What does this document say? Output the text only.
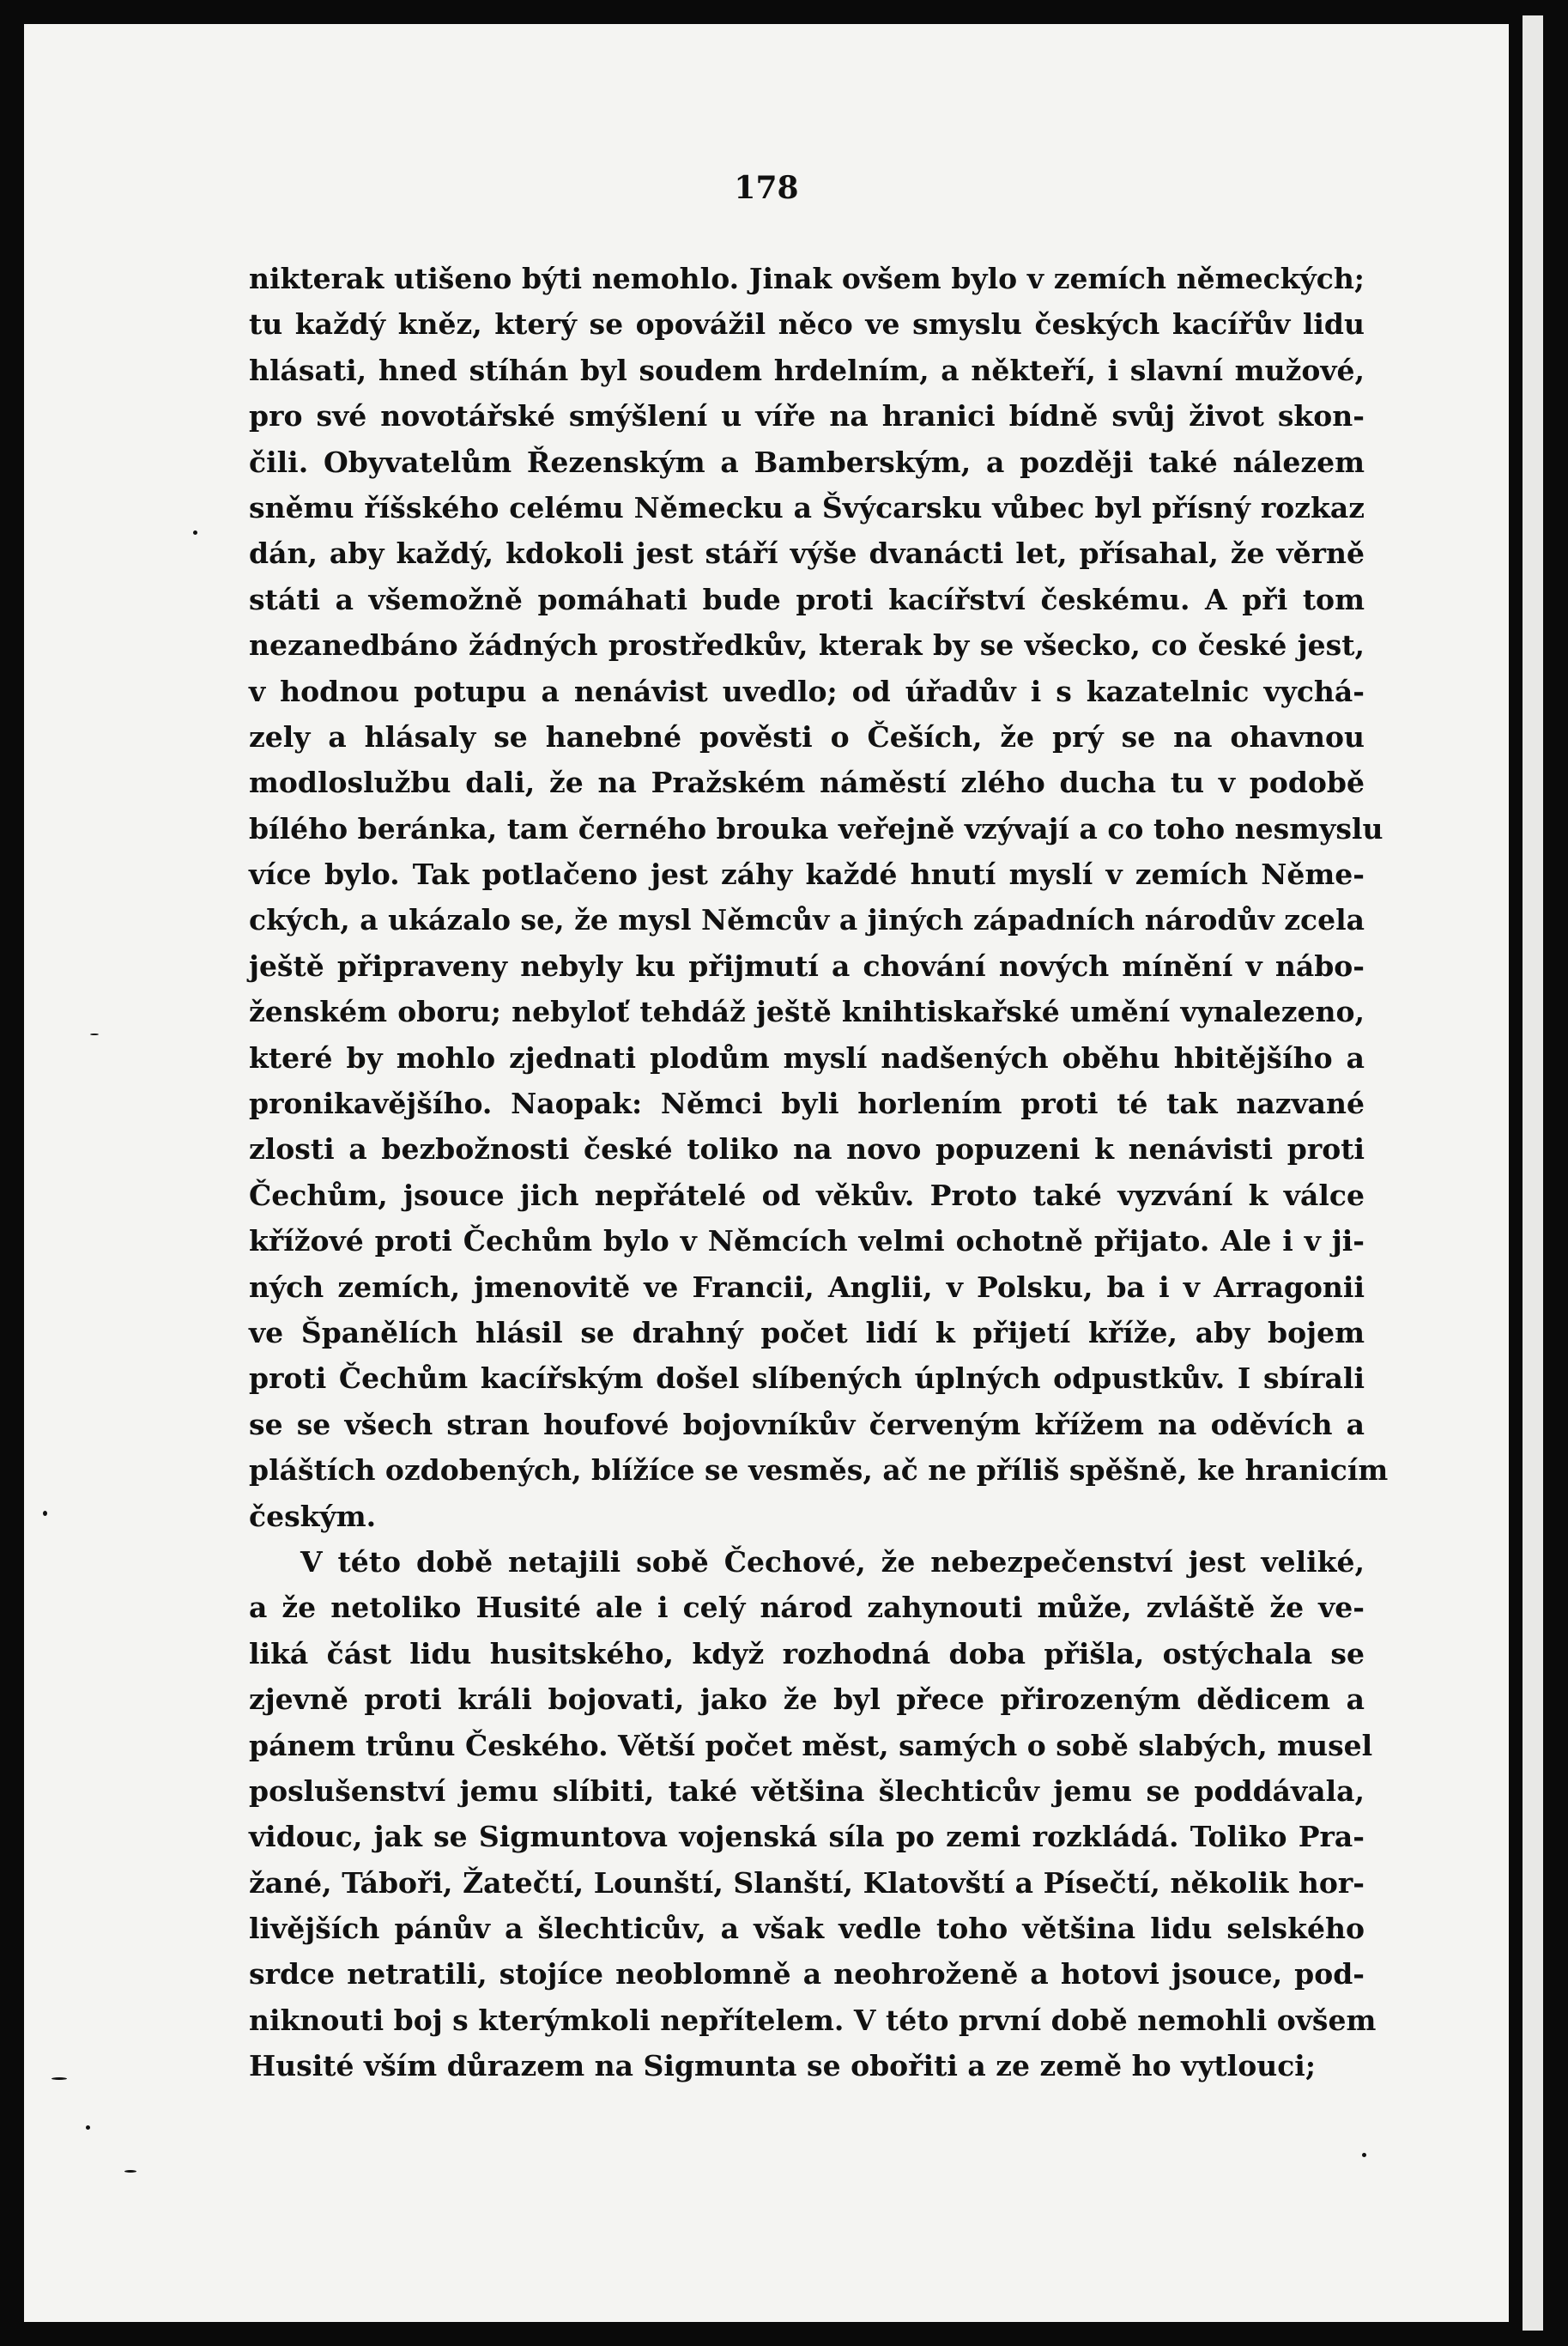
178
nikterak utišeno býti nemohlo. Jinak ovšem bylo v zemích německých;
tu každý kněz, který se opovážil něco ve smyslu českých kacířův lidu
hlásati, hned stíhán byl soudem hrdelním, a někteří, i slavní mužové,
pro své novotářské smýšlení u víře na hranici bídně svůj život skon-
čili. Obyvatelům Řezenským a Bamberským, a později také nálezem
sněmu říšského celému Německu a Švýcarsku vůbec byl přísný rozkaz
dán, aby každý, kdokoli jest stáří výše dvanácti let, přísahal, že věrně
státi a všemožně pomáhati bude proti kacířství českému. A při tom
nezanedbáno žádných prostředkův, kterak by se všecko, co české jest,
v hodnou potupu a nenávist uvedlo; od úřadův i s kazatelnic vychá-
zely a hlásaly se hanebné pověsti o Češích, že prý se na ohavnou
modloslužbu dali, že na Pražském náměstí zlého ducha tu v podobě
bílého beránka, tam černého brouka veřejně vzývají a co toho nesmyslu
více bylo. Tak potlačeno jest záhy každé hnutí myslí v zemích Něme-
ckých, a ukázalo se, že mysl Němcův a jiných západních národův zcela
ještě připraveny nebyly ku přijmutí a chování nových mínění v nábo-
ženském oboru; nebyloť tehdáž ještě knihtiskařské umění vynalezeno,
které by mohlo zjednati plodům myslí nadšených oběhu hbitějšího a
pronikavějšího. Naopak: Němci byli horlením proti té tak nazvané
zlosti a bezbožnosti české toliko na novo popuzeni k nenávisti proti
Čechům, jsouce jich nepřátelé od věkův. Proto také vyzvání k válce
křížové proti Čechům bylo v Němcích velmi ochotně přijato. Ale i v ji-
ných zemích, jmenovitě ve Francii, Anglii, v Polsku, ba i v Arragonii
ve Španělích hlásil se drahný počet lidí k přijetí kříže, aby bojem
proti Čechům kacířským došel slíbených úplných odpustkův. I sbírali
se se všech stran houfové bojovníkův červeným křížem na oděvích a
pláštích ozdobených, blížíce se vesměs, ač ne příliš spěšně, ke hranicím
českým.
V této době netajili sobě Čechové, že nebezpečenství jest veliké,
a že netoliko Husité ale i celý národ zahynouti může, zvláště že ve-
liká část lidu husitského, když rozhodná doba přišla, ostýchala se
zjevně proti králi bojovati, jako že byl přece přirozeným dědicem a
pánem trůnu Českého. Větší počet měst, samých o sobě slabých, musel
poslušenství jemu slíbiti, také většina šlechticův jemu se poddávala,
vidouc, jak se Sigmuntova vojenská síla po zemi rozkládá. Toliko Pra-
žané, Táboři, Žatečtí, Lounští, Slanští, Klatovští a Písečtí, několik hor-
livějších pánův a šlechticův, a však vedle toho většina lidu selského
srdce netratili, stojíce neoblomně a neohroženě a hotovi jsouce, pod-
niknouti boj s kterýmkoli nepřítelem. V této první době nemohli ovšem
Husité vším důrazem na Sigmunta se obořiti a ze země ho vytlouci;
